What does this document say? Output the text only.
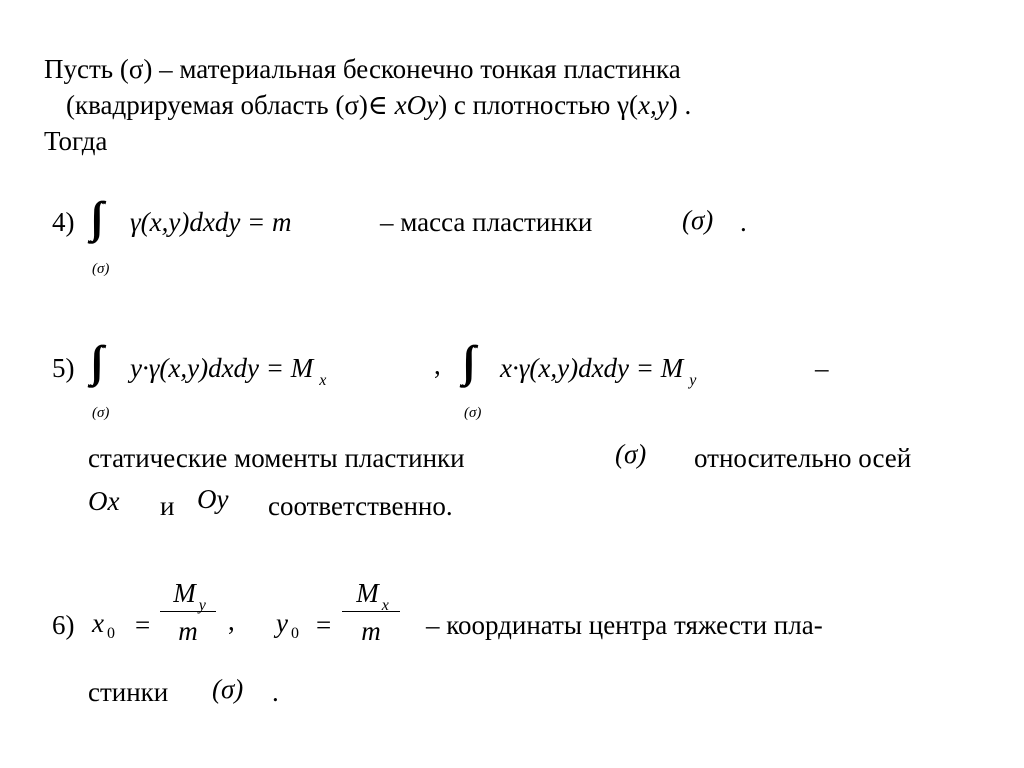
Пусть (σ) – материальная бесконечно тонкая пластинка
(квадрируемая область (σ)∈ xOy) с плотностью γ(x,y) .
Тогда
4)
(σ)
γ(x,y)dxdy = m	– масса пластинки	(σ) .
5)
(σ)
y·γ(x,y)dxdy = M $_x$
,
(σ)
x·γ(x,y)dxdy = M $_y$	–
статические моменты пластинки	(σ) относительно осей
Ox и Oy соответственно.
6) x $_0$ =
M $_y$
m , y $_0$ =
M $_x$
m – координаты центра тяжести пла-
стинки (σ) .
